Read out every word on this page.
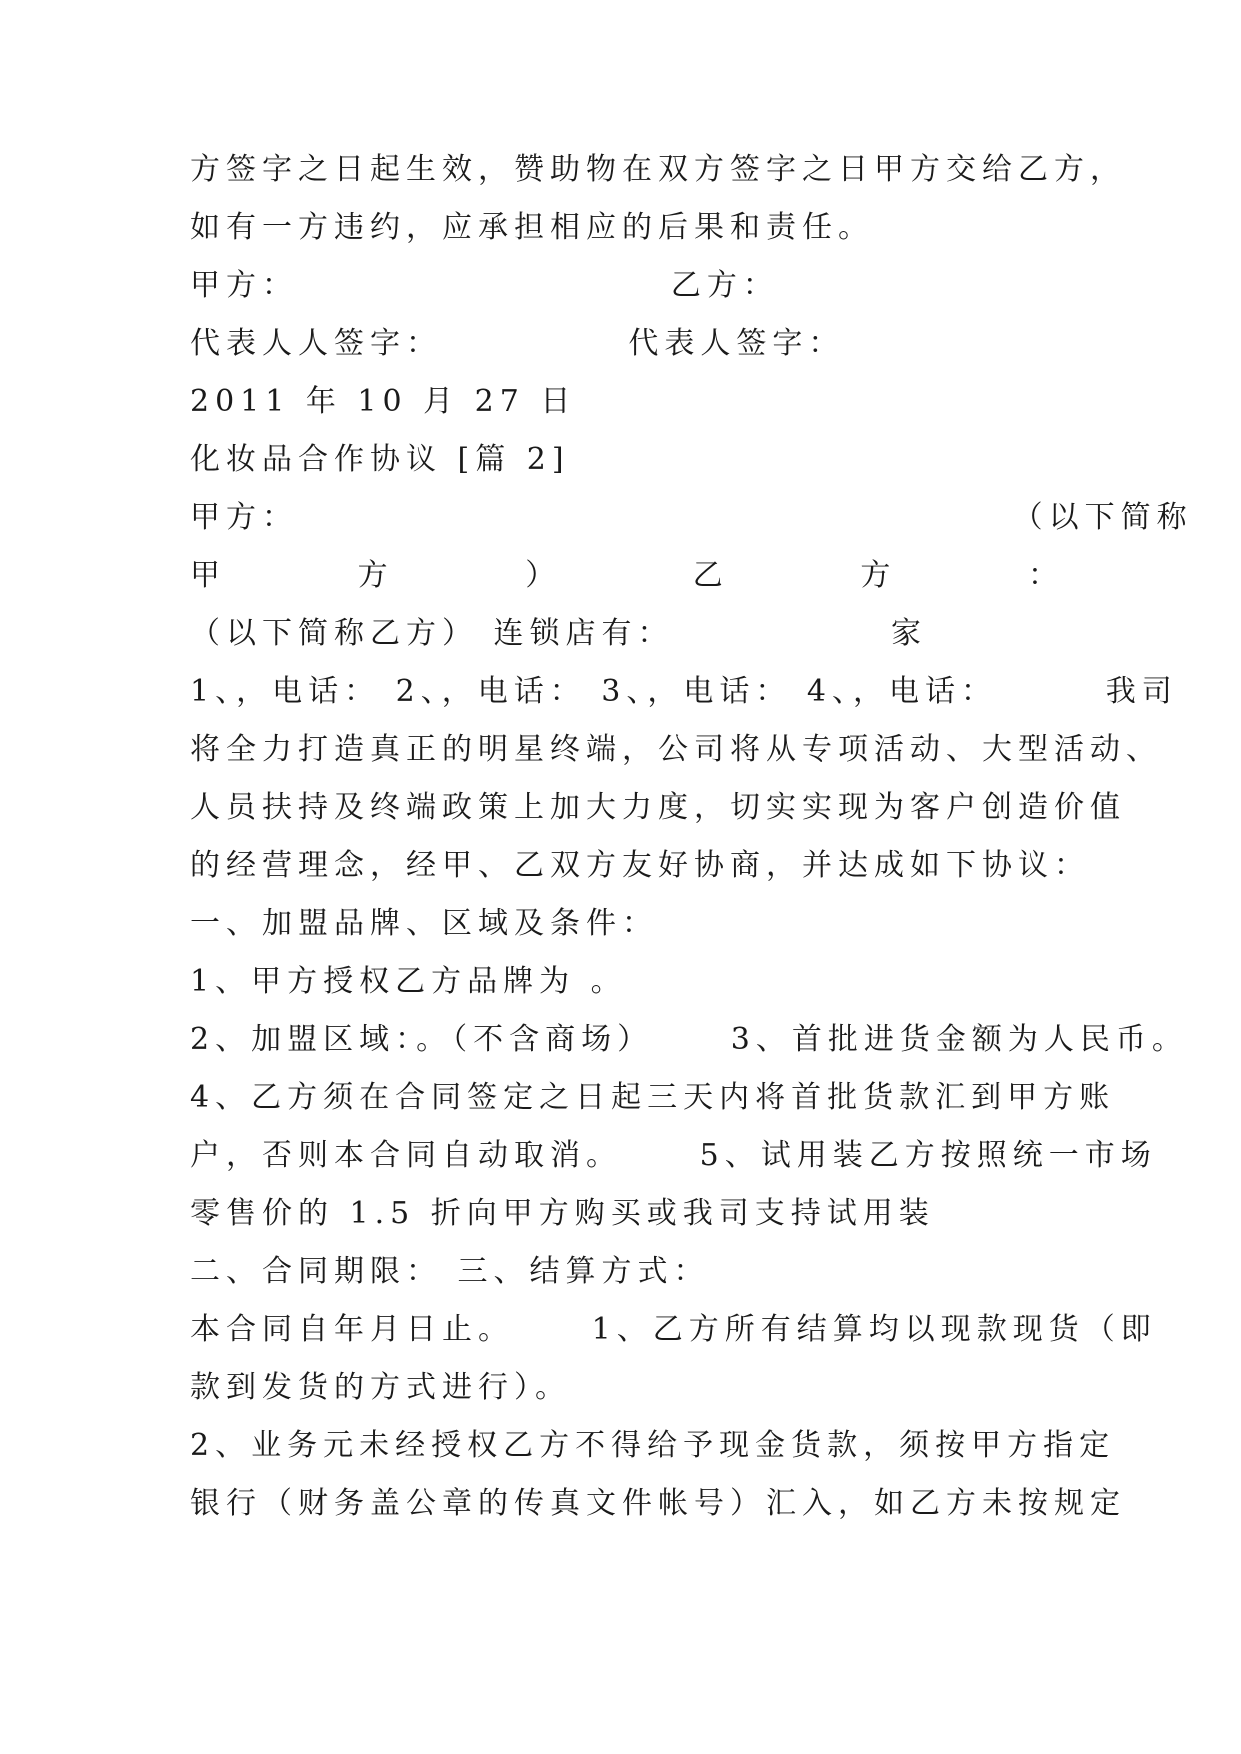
方签字之日起生效，赞助物在双方签字之日甲方交给乙方，
如有一方违约，应承担相应的后果和责任。
甲方：                        乙方：
代表人人签字：            代表人签字：
2011 年 10 月 27 日
化妆品合作协议 [篇 2]
甲方：                                              （以下简称
甲	方	）	乙	方	：
（以下简称乙方） 连锁店有：              家
1、，电话： 2、，电话： 3、，电话： 4、，电话：       我司
将全力打造真正的明星终端，公司将从专项活动、大型活动、
人员扶持及终端政策上加大力度，切实实现为客户创造价值
的经营理念，经甲、乙双方友好协商，并达成如下协议：
一、加盟品牌、区域及条件：
1、甲方授权乙方品牌为 。
2、加盟区域：。（不含商场）     3、首批进货金额为人民币。
4、乙方须在合同签定之日起三天内将首批货款汇到甲方账
户，否则本合同自动取消。     5、试用装乙方按照统一市场
零售价的 1.5 折向甲方购买或我司支持试用装
二、合同期限： 三、结算方式：
本合同自年月日止。     1、乙方所有结算均以现款现货（即
款到发货的方式进行）。
2、业务元未经授权乙方不得给予现金货款，须按甲方指定
银行（财务盖公章的传真文件帐号）汇入，如乙方未按规定
